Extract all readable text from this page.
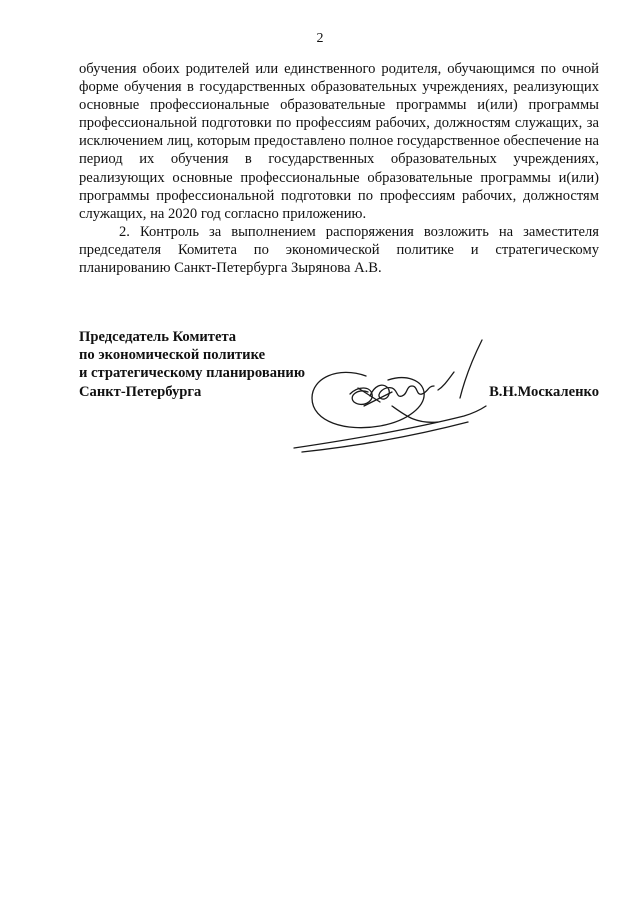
2

обучения обоих родителей или единственного родителя, обучающимся по очной форме обучения в государственных образовательных учреждениях, реализующих основные профессиональные образовательные программы и(или) программы профессиональной подготовки по профессиям рабочих, должностям служащих, за исключением лиц, которым предоставлено полное государственное обеспечение на период их обучения в государственных образовательных учреждениях, реализующих основные профессиональные образовательные программы и(или) программы профессиональной подготовки по профессиям рабочих, должностям служащих, на 2020 год согласно приложению.

2. Контроль за выполнением распоряжения возложить на заместителя председателя Комитета по экономической политике и стратегическому планированию Санкт-Петербурга Зырянова А.В.

Председатель Комитета
по экономической политике
и стратегическому планированию
Санкт-Петербурга	В.Н.Москаленко
